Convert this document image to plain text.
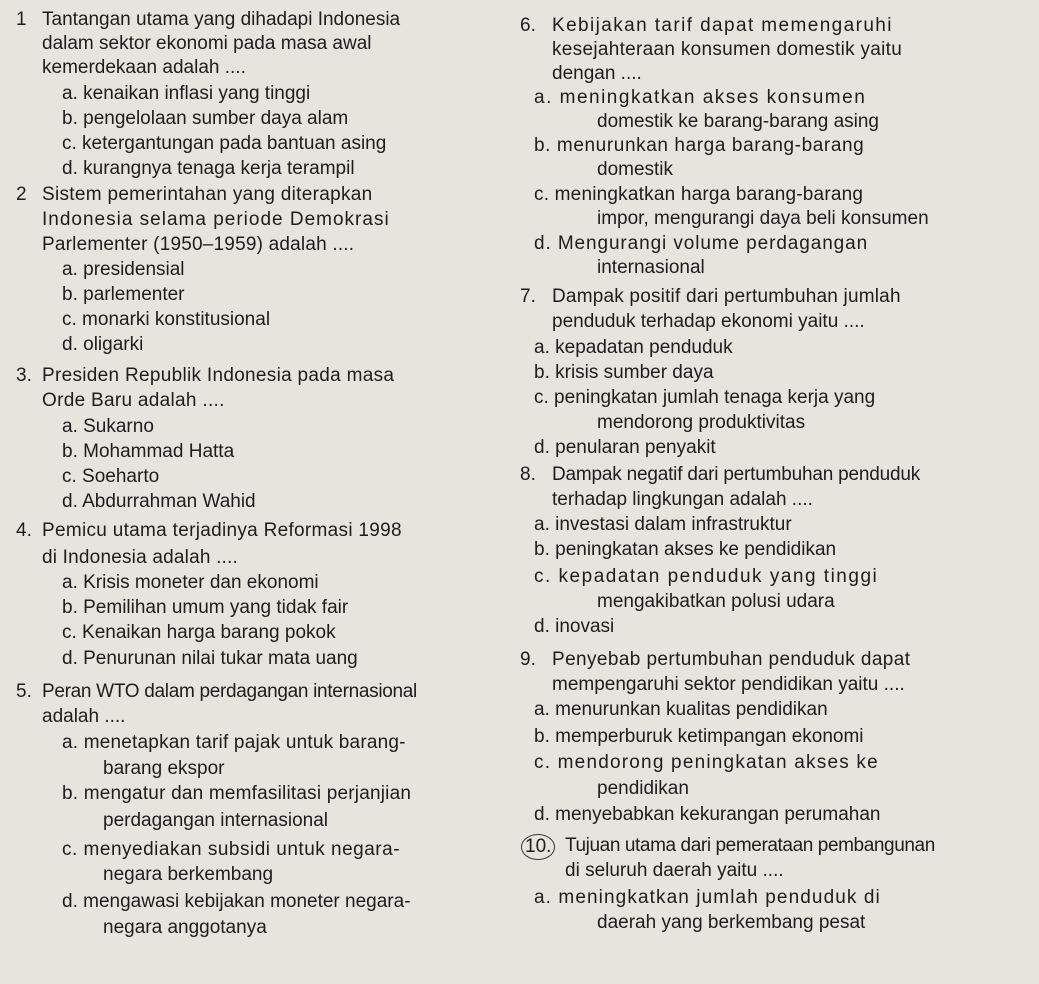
1 Tantangan utama yang dihadapi Indonesia
dalam sektor ekonomi pada masa awal
kemerdekaan adalah ....
a. kenaikan inflasi yang tinggi
b. pengelolaan sumber daya alam
c. ketergantungan pada bantuan asing
d. kurangnya tenaga kerja terampil
2 Sistem pemerintahan yang diterapkan
Indonesia selama periode Demokrasi
Parlementer (1950–1959) adalah ....
a. presidensial
b. parlementer
c. monarki konstitusional
d. oligarki
3. Presiden Republik Indonesia pada masa
Orde Baru adalah ....
a. Sukarno
b. Mohammad Hatta
c. Soeharto
d. Abdurrahman Wahid
4. Pemicu utama terjadinya Reformasi 1998
di Indonesia adalah ....
a. Krisis moneter dan ekonomi
b. Pemilihan umum yang tidak fair
c. Kenaikan harga barang pokok
d. Penurunan nilai tukar mata uang
5. Peran WTO dalam perdagangan internasional
adalah ....
a. menetapkan tarif pajak untuk barang-
barang ekspor
b. mengatur dan memfasilitasi perjanjian
perdagangan internasional
c. menyediakan subsidi untuk negara-
negara berkembang
d. mengawasi kebijakan moneter negara-
negara anggotanya
6. Kebijakan tarif dapat memengaruhi
kesejahteraan konsumen domestik yaitu
dengan ....
a. meningkatkan akses konsumen
domestik ke barang-barang asing
b. menurunkan harga barang-barang
domestik
c. meningkatkan harga barang-barang
impor, mengurangi daya beli konsumen
d. Mengurangi volume perdagangan
internasional
7. Dampak positif dari pertumbuhan jumlah
penduduk terhadap ekonomi yaitu ....
a. kepadatan penduduk
b. krisis sumber daya
c. peningkatan jumlah tenaga kerja yang
mendorong produktivitas
d. penularan penyakit
8. Dampak negatif dari pertumbuhan penduduk
terhadap lingkungan adalah ....
a. investasi dalam infrastruktur
b. peningkatan akses ke pendidikan
c. kepadatan penduduk yang tinggi
mengakibatkan polusi udara
d. inovasi
9. Penyebab pertumbuhan penduduk dapat
mempengaruhi sektor pendidikan yaitu ....
a. menurunkan kualitas pendidikan
b. memperburuk ketimpangan ekonomi
c. mendorong peningkatan akses ke
pendidikan
d. menyebabkan kekurangan perumahan
10. Tujuan utama dari pemerataan pembangunan
di seluruh daerah yaitu ....
a. meningkatkan jumlah penduduk di
daerah yang berkembang pesat
